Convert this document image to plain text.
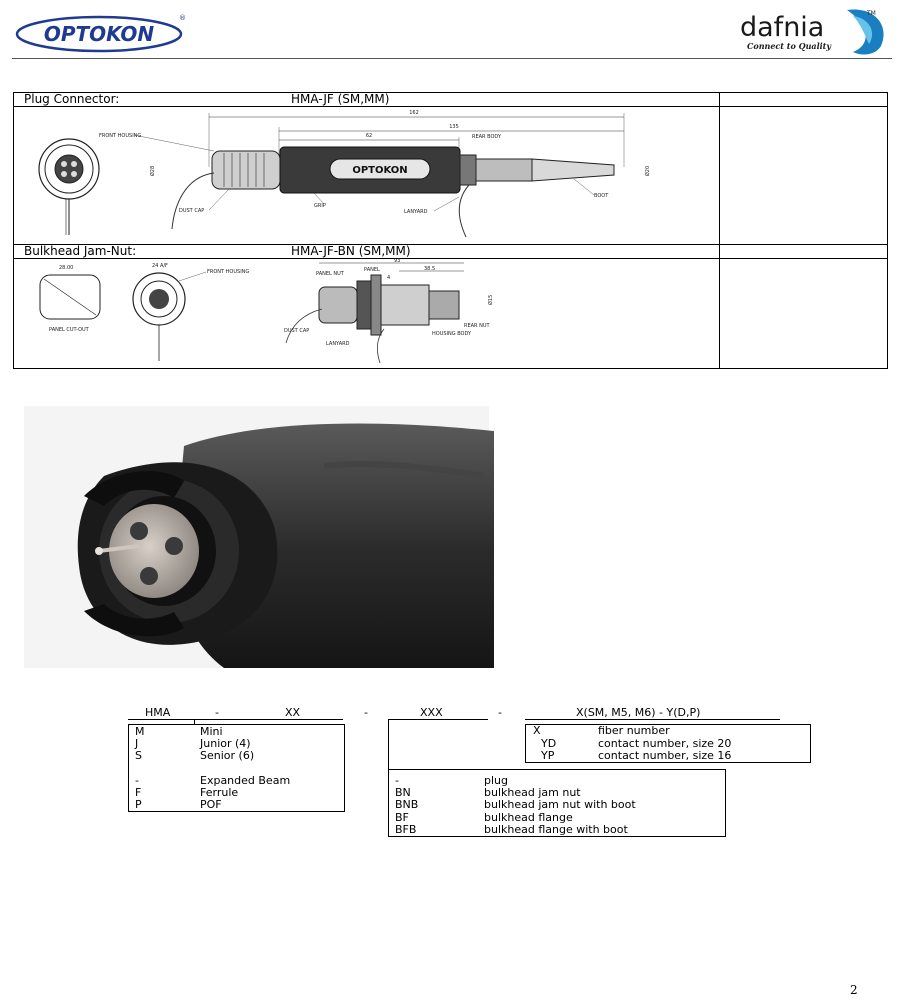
OPTOKON
®	dafnia
Connect to Quality
TM
Plug Connector:	HMA-JF (SM,MM)
Bulkhead Jam-Nut:	HMA-JF-BN (SM,MM)
162
135
62
Ø28	Ø20
OPTOKON
FRONT HOUSING	REAR BODY
DUST CAP
GRIP
LANYARD
BOOT
28.00
PANEL CUT-OUT
24 A/F
FRONT HOUSING
93
38.5
4
Ø15
PANEL NUT
PANEL
DUST CAP
LANYARD
REAR NUT
HOUSING BODY
HMA	-	XX	-	XXX	-	X(SM, M5, M6) - Y(D,P)
M	Mini
J	Junior (4)
S	Senior (6)
-	Expanded Beam
F	Ferrule
P	POF
-	plug
BN	bulkhead jam nut
BNB	bulkhead jam nut with boot
BF	bulkhead flange
BFB	bulkhead flange with boot
X	fiber number
YD	contact number, size 20
YP	contact number, size 16
2
